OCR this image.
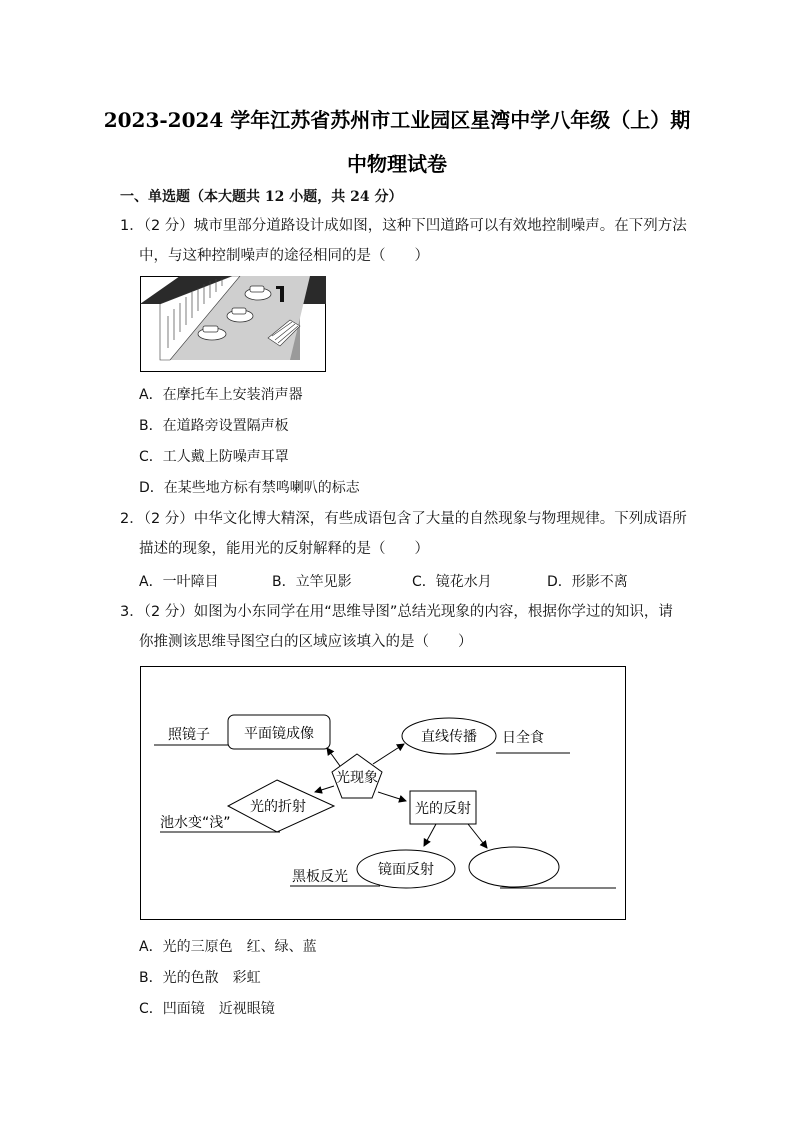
2023-2024 学年江苏省苏州市工业园区星湾中学八年级（上）期
中物理试卷
一、单选题（本大题共 12 小题，共 24 分）
1．（2 分）城市里部分道路设计成如图，这种下凹道路可以有效地控制噪声。在下列方法
中，与这种控制噪声的途径相同的是（　　）
A．在摩托车上安装消声器
B．在道路旁设置隔声板
C．工人戴上防噪声耳罩
D．在某些地方标有禁鸣喇叭的标志
2．（2 分）中华文化博大精深，有些成语包含了大量的自然现象与物理规律。下列成语所
描述的现象，能用光的反射解释的是（　　）
A．一叶障目	B．立竿见影	C．镜花水月	D．形影不离
3．（2 分）如图为小东同学在用“思维导图”总结光现象的内容，根据你学过的知识，请
你推测该思维导图空白的区域应该填入的是（　　）
光现象
平面镜成像
照镜子	直线传播 日全食
光的折射
池水变“浅”
光的反射
镜面反射
黑板反光
A．光的三原色　红、绿、蓝
B．光的色散　彩虹
C．凹面镜　近视眼镜
